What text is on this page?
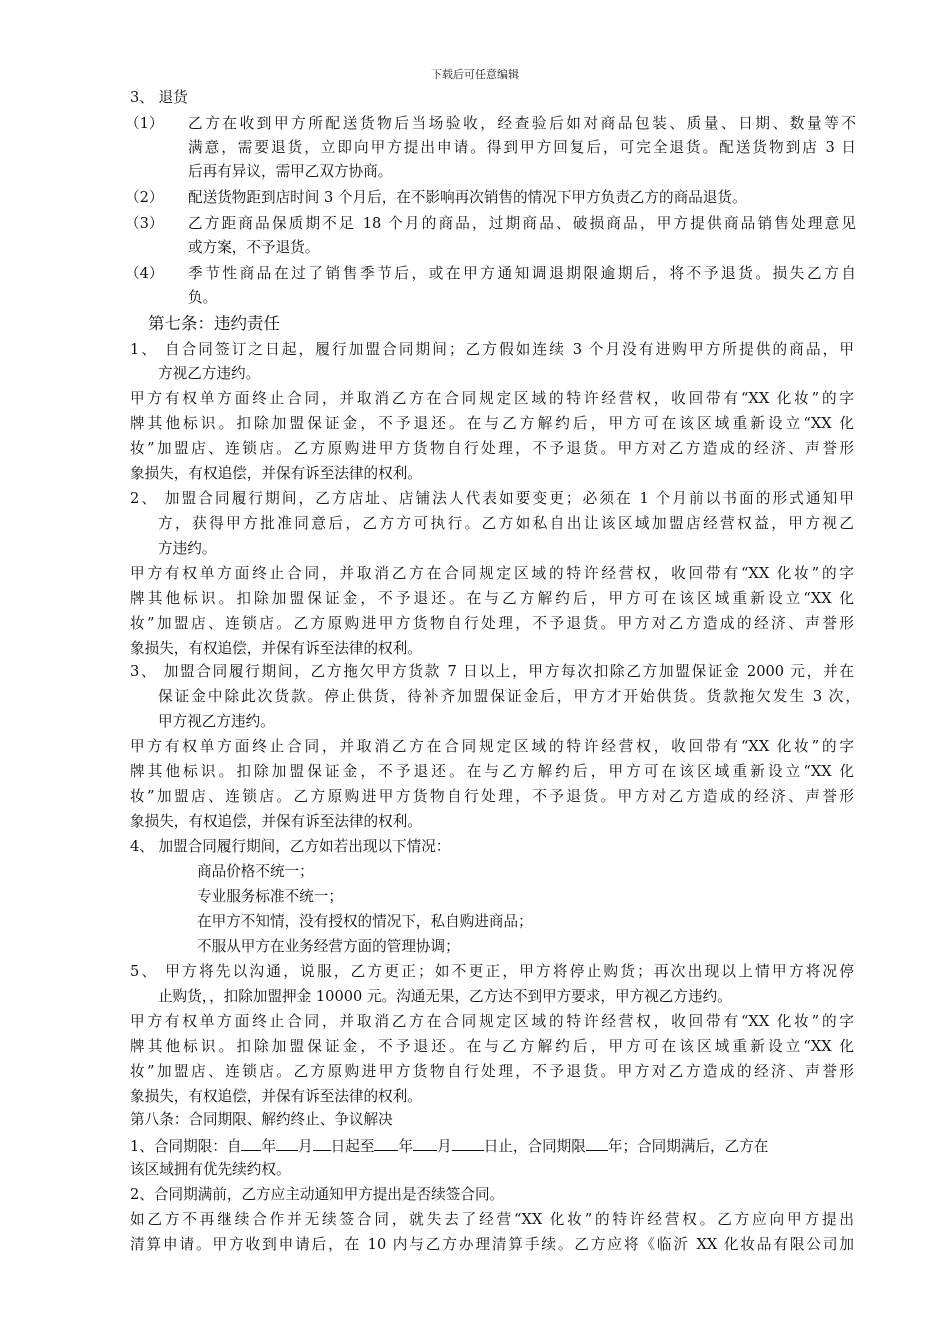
下载后可任意编辑
3、 退货
（1） 乙方在收到甲方所配送货物后当场验收，经查验后如对商品包装、质量、日期、数量等不
满意，需要退货，立即向甲方提出申请。得到甲方回复后，可完全退货。配送货物到店 3 日
后再有异议，需甲乙双方协商。
（2） 配送货物距到店时间 3 个月后，在不影响再次销售的情况下甲方负责乙方的商品退货。
（3） 乙方距商品保质期不足 18 个月的商品，过期商品、破损商品，甲方提供商品销售处理意见
或方案，不予退货。
（4） 季节性商品在过了销售季节后，或在甲方通知调退期限逾期后，将不予退货。损失乙方自
负。
第七条：违约责任
1、 自合同签订之日起，履行加盟合同期间；乙方假如连续 3 个月没有进购甲方所提供的商品，甲
方视乙方违约。
甲方有权单方面终止合同，并取消乙方在合同规定区域的特许经营权，收回带有“XX 化妆”的字
牌其他标识。扣除加盟保证金，不予退还。在与乙方解约后，甲方可在该区域重新设立“XX 化
妆”加盟店、连锁店。乙方原购进甲方货物自行处理，不予退货。甲方对乙方造成的经济、声誉形
象损失，有权追偿，并保有诉至法律的权利。
2、 加盟合同履行期间，乙方店址、店铺法人代表如要变更；必须在 1 个月前以书面的形式通知甲
方，获得甲方批准同意后，乙方方可执行。乙方如私自出让该区域加盟店经营权益，甲方视乙
方违约。
甲方有权单方面终止合同，并取消乙方在合同规定区域的特许经营权，收回带有“XX 化妆”的字
牌其他标识。扣除加盟保证金，不予退还。在与乙方解约后，甲方可在该区域重新设立“XX 化
妆”加盟店、连锁店。乙方原购进甲方货物自行处理，不予退货。甲方对乙方造成的经济、声誉形
象损失，有权追偿，并保有诉至法律的权利。
3、 加盟合同履行期间，乙方拖欠甲方货款 7 日以上，甲方每次扣除乙方加盟保证金 2000 元，并在
保证金中除此次货款。停止供货，待补齐加盟保证金后，甲方才开始供货。货款拖欠发生 3 次，
甲方视乙方违约。
甲方有权单方面终止合同，并取消乙方在合同规定区域的特许经营权，收回带有“XX 化妆”的字
牌其他标识。扣除加盟保证金，不予退还。在与乙方解约后，甲方可在该区域重新设立“XX 化
妆”加盟店、连锁店。乙方原购进甲方货物自行处理，不予退货。甲方对乙方造成的经济、声誉形
象损失，有权追偿，并保有诉至法律的权利。
4、 加盟合同履行期间，乙方如若出现以下情况：
商品价格不统一；
专业服务标准不统一；
在甲方不知情，没有授权的情况下，私自购进商品；
不服从甲方在业务经营方面的管理协调；
5、 甲方将先以沟通，说服，乙方更正；如不更正，甲方将停止购货；再次出现以上情甲方将况停
止购货，，扣除加盟押金 10000 元。沟通无果，乙方达不到甲方要求，甲方视乙方违约。
甲方有权单方面终止合同，并取消乙方在合同规定区域的特许经营权，收回带有“XX 化妆”的字
牌其他标识。扣除加盟保证金，不予退还。在与乙方解约后，甲方可在该区域重新设立“XX 化
妆”加盟店、连锁店。乙方原购进甲方货物自行处理，不予退货。甲方对乙方造成的经济、声誉形
象损失，有权追偿，并保有诉至法律的权利。
第八条：合同期限、解约终止、争议解决
1、合同期限：自 年 月 日起至 年 月 日止，合同期限 年；合同期满后，乙方在
该区域拥有优先续约权。
2、合同期满前，乙方应主动通知甲方提出是否续签合同。
如乙方不再继续合作并无续签合同，就失去了经营“XX 化妆”的特许经营权。乙方应向甲方提出
清算申请。甲方收到申请后，在 10 内与乙方办理清算手续。乙方应将《临沂 XX 化妆品有限公司加
